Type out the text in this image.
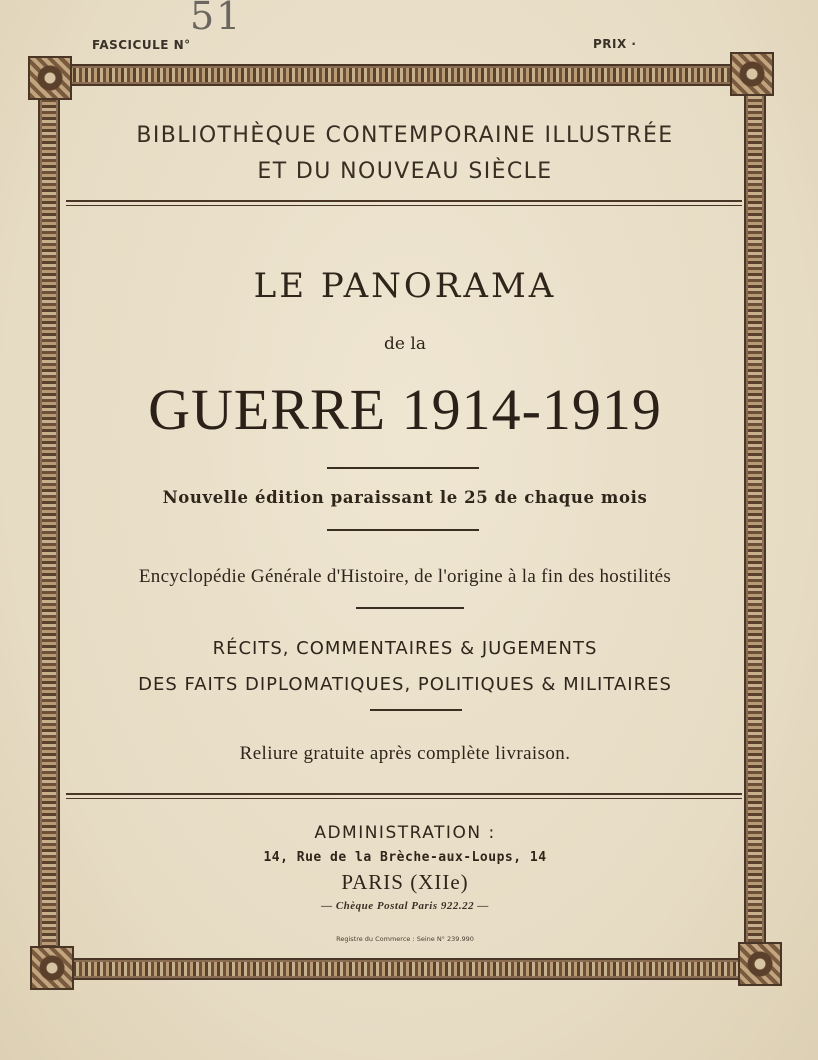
51
FASCICULE N°	PRIX ·
BIBLIOTHÈQUE CONTEMPORAINE ILLUSTRÉE
ET DU NOUVEAU SIÈCLE
LE PANORAMA
de la
GUERRE 1914-1919
Nouvelle édition paraissant le 25 de chaque mois
Encyclopédie Générale d'Histoire, de l'origine à la fin des hostilités
RÉCITS, COMMENTAIRES & JUGEMENTS
DES FAITS DIPLOMATIQUES, POLITIQUES & MILITAIRES
Reliure gratuite après complète livraison.
ADMINISTRATION :
14, Rue de la Brèche-aux-Loups, 14
PARIS (XIIe)
— Chèque Postal Paris 922.22 —
Registre du Commerce : Seine N° 239.990
